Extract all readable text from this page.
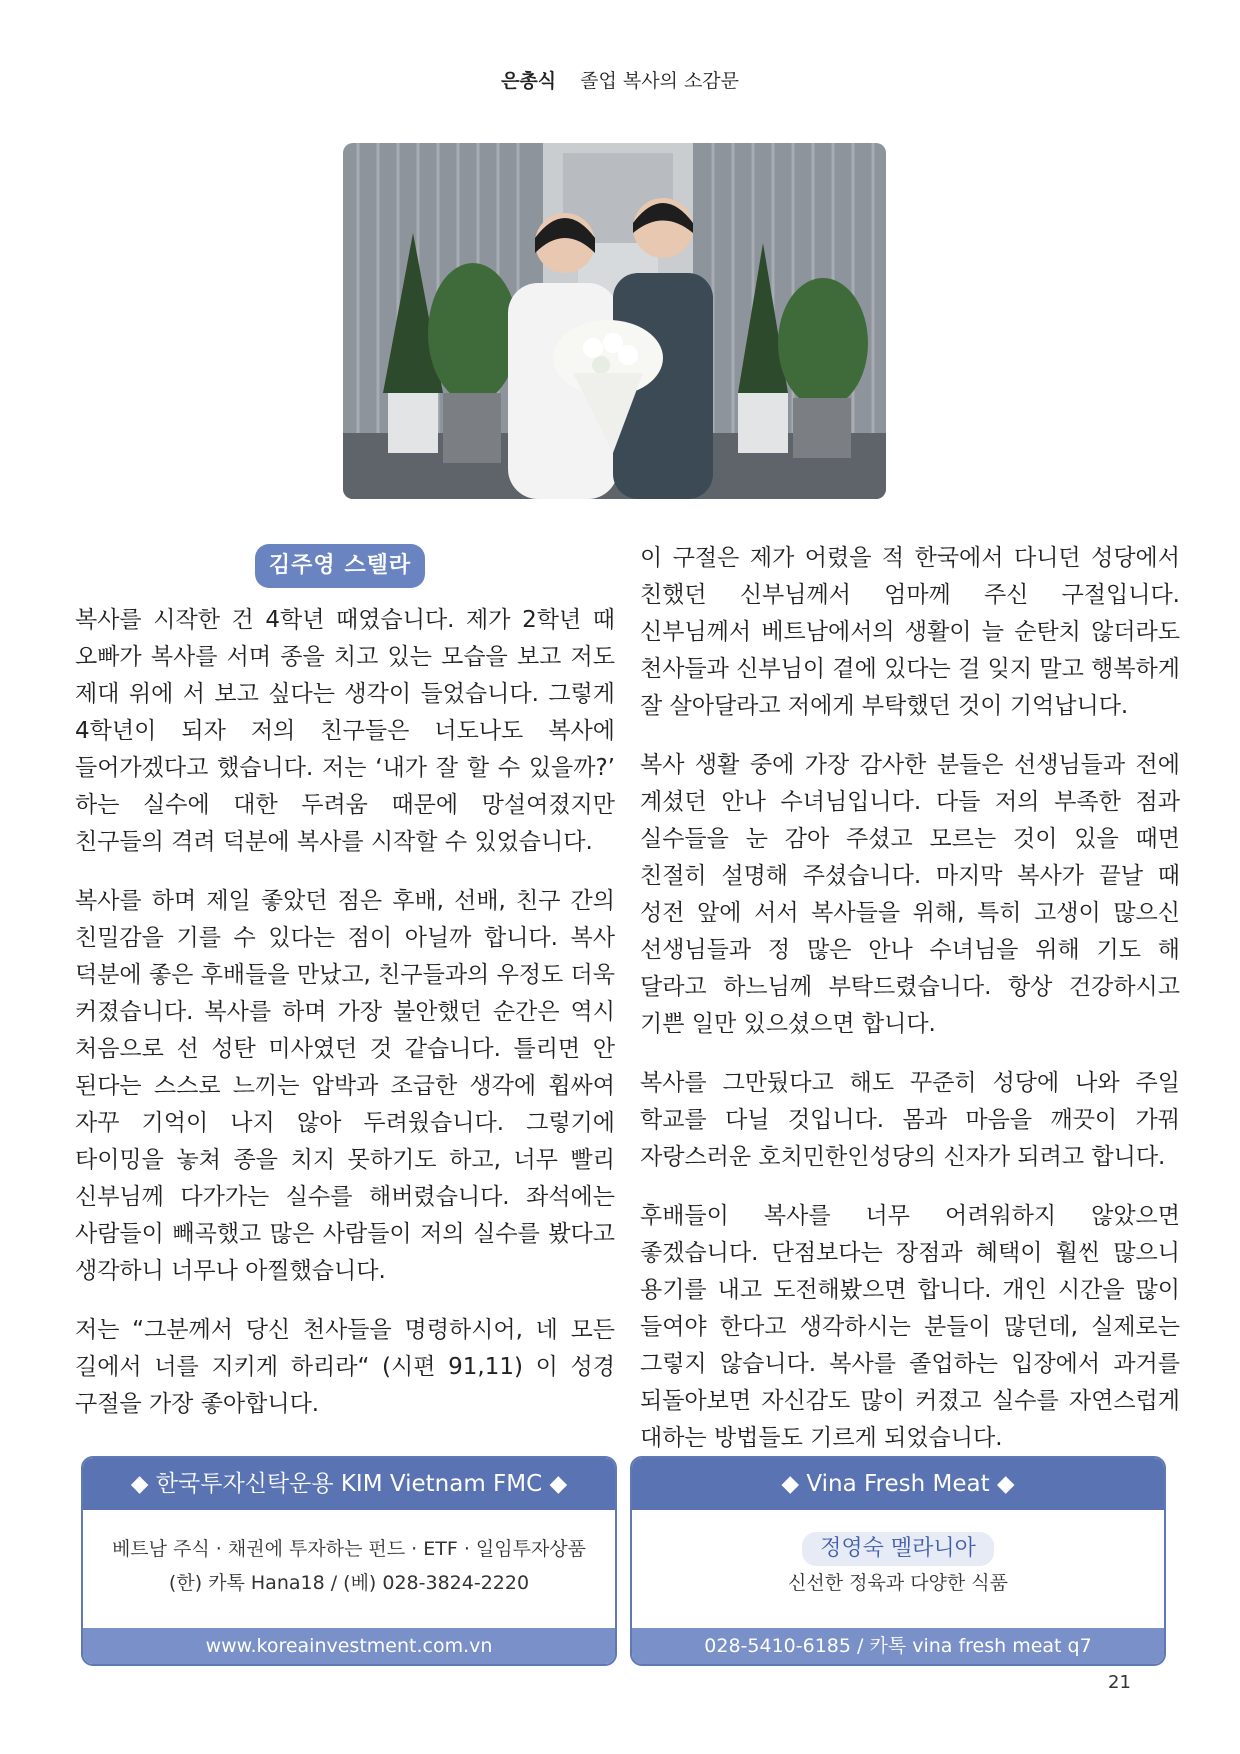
은총식 졸업 복사의 소감문
김주영 스텔라

복사를 시작한 건 4학년 때였습니다. 제가 2학년 때 오빠가 복사를 서며 종을 치고 있는 모습을 보고 저도 제대 위에 서 보고 싶다는 생각이 들었습니다. 그렇게 4학년이 되자 저의 친구들은 너도나도 복사에 들어가겠다고 했습니다. 저는 ‘내가 잘 할 수 있을까?’ 하는 실수에 대한 두려움 때문에 망설여졌지만 친구들의 격려 덕분에 복사를 시작할 수 있었습니다.

복사를 하며 제일 좋았던 점은 후배, 선배, 친구 간의 친밀감을 기를 수 있다는 점이 아닐까 합니다. 복사 덕분에 좋은 후배들을 만났고, 친구들과의 우정도 더욱 커졌습니다. 복사를 하며 가장 불안했던 순간은 역시 처음으로 선 성탄 미사였던 것 같습니다. 틀리면 안 된다는 스스로 느끼는 압박과 조급한 생각에 휩싸여 자꾸 기억이 나지 않아 두려웠습니다. 그렇기에 타이밍을 놓쳐 종을 치지 못하기도 하고, 너무 빨리 신부님께 다가가는 실수를 해버렸습니다. 좌석에는 사람들이 빼곡했고 많은 사람들이 저의 실수를 봤다고 생각하니 너무나 아찔했습니다.

저는 “그분께서 당신 천사들을 명령하시어, 네 모든 길에서 너를 지키게 하리라“ (시편 91,11) 이 성경 구절을 가장 좋아합니다.

이 구절은 제가 어렸을 적 한국에서 다니던 성당에서 친했던 신부님께서 엄마께 주신 구절입니다. 신부님께서 베트남에서의 생활이 늘 순탄치 않더라도 천사들과 신부님이 곁에 있다는 걸 잊지 말고 행복하게 잘 살아달라고 저에게 부탁했던 것이 기억납니다.

복사 생활 중에 가장 감사한 분들은 선생님들과 전에 계셨던 안나 수녀님입니다. 다들 저의 부족한 점과 실수들을 눈 감아 주셨고 모르는 것이 있을 때면 친절히 설명해 주셨습니다. 마지막 복사가 끝날 때 성전 앞에 서서 복사들을 위해, 특히 고생이 많으신 선생님들과 정 많은 안나 수녀님을 위해 기도 해 달라고 하느님께 부탁드렸습니다. 항상 건강하시고 기쁜 일만 있으셨으면 합니다.

복사를 그만뒀다고 해도 꾸준히 성당에 나와 주일 학교를 다닐 것입니다. 몸과 마음을 깨끗이 가꿔 자랑스러운 호치민한인성당의 신자가 되려고 합니다.

후배들이 복사를 너무 어려워하지 않았으면 좋겠습니다. 단점보다는 장점과 혜택이 훨씬 많으니 용기를 내고 도전해봤으면 합니다. 개인 시간을 많이 들여야 한다고 생각하시는 분들이 많던데, 실제로는 그렇지 않습니다. 복사를 졸업하는 입장에서 과거를 되돌아보면 자신감도 많이 커졌고 실수를 자연스럽게 대하는 방법들도 기르게 되었습니다.

◆ 한국투자신탁운용 KIM Vietnam FMC ◆
베트남 주식 · 채권에 투자하는 펀드 · ETF · 일임투자상품
(한) 카톡 Hana18 / (베) 028-3824-2220
www.koreainvestment.com.vn
◆ Vina Fresh Meat ◆
정영숙 멜라니아
신선한 정육과 다양한 식품
028-5410-6185 / 카톡 vina fresh meat q7
21
